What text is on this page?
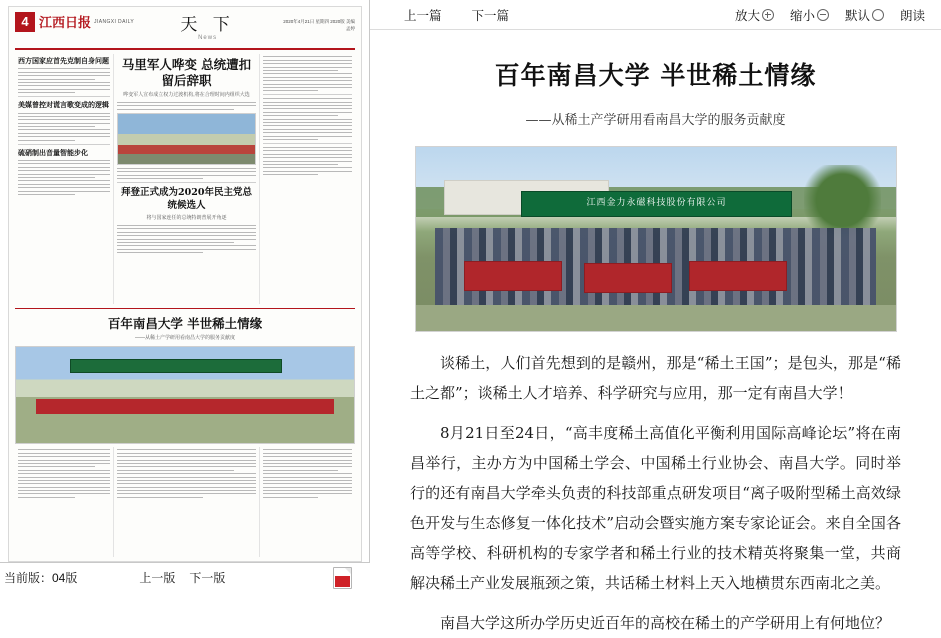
4 江西日报 JIANGXI DAILY	天 下
News
2020年4月21日 星期四 2020版 美编 孟婷
西方国家应首先克制自身问题
美媒曾控对谎言歌变成的逻辑
硫硝制出音量智能步化
马里军人哗变 总统遭扣留后辞职
哗变军人宣布成立权力过渡机构,将在合理时间内组织大选
拜登正式成为2020年民主党总统候选人
将与国家连任的总统特朗普展开角逐
百年南昌大学 半世稀土情缘
——从稀土产学研用看南昌大学的服务贡献度
当前版：04版	上一版 下一版
上一篇 下一篇	放大 缩小 默认 朗读
百年南昌大学 半世稀土情缘
——从稀土产学研用看南昌大学的服务贡献度
江西金力永磁科技股份有限公司

谈稀土，人们首先想到的是赣州，那是“稀土王国”；是包头，那是“稀土之都”；谈稀土人才培养、科学研究与应用，那一定有南昌大学！

8月21日至24日，“高丰度稀土高值化平衡利用国际高峰论坛”将在南昌举行，主办方为中国稀土学会、中国稀土行业协会、南昌大学。同时举行的还有南昌大学牵头负责的科技部重点研发项目“离子吸附型稀土高效绿色开发与生态修复一体化技术”启动会暨实施方案专家论证会。来自全国各高等学校、科研机构的专家学者和稀土行业的技术精英将聚集一堂，共商解决稀土产业发展瓶颈之策，共话稀土材料上天入地横贯东西南北之美。

南昌大学这所办学历史近百年的高校在稀土的产学研用上有何地位？
